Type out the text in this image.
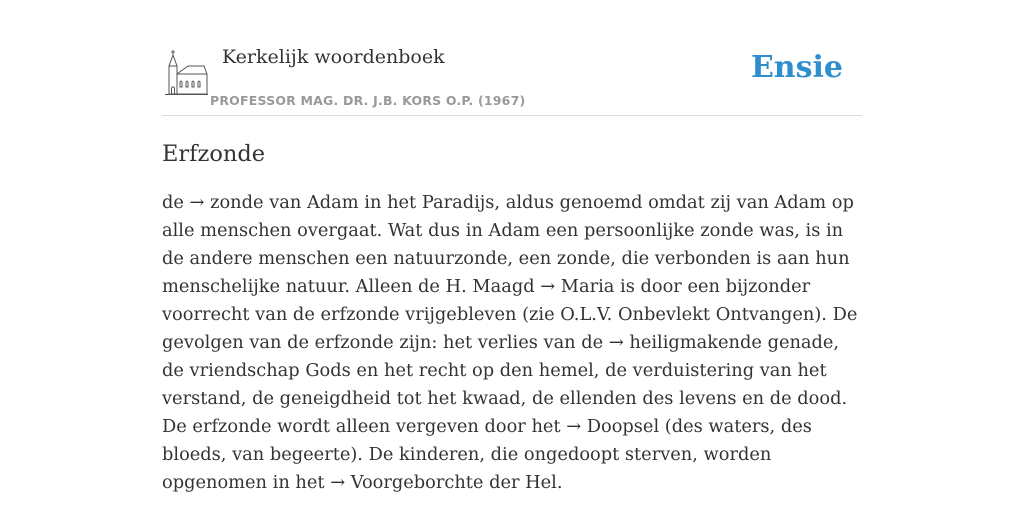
Kerkelijk woordenboek
PROFESSOR MAG. DR. J.B. KORS O.P. (1967)
Ensie
Erfzonde
de → zonde van Adam in het Paradijs, aldus genoemd omdat zij van Adam op alle menschen overgaat. Wat dus in Adam een persoonlijke zonde was, is in de andere menschen een natuurzonde, een zonde, die verbonden is aan hun menschelijke natuur. Alleen de H. Maagd → Maria is door een bijzonder voorrecht van de erfzonde vrijgebleven (zie O.L.V. Onbevlekt Ontvangen). De gevolgen van de erfzonde zijn: het verlies van de → heiligmakende genade, de vriendschap Gods en het recht op den hemel, de verduistering van het verstand, de geneigdheid tot het kwaad, de ellenden des levens en de dood. De erfzonde wordt alleen vergeven door het → Doopsel (des waters, des bloeds, van begeerte). De kinderen, die ongedoopt sterven, worden opgenomen in het → Voorgeborchte der Hel.
